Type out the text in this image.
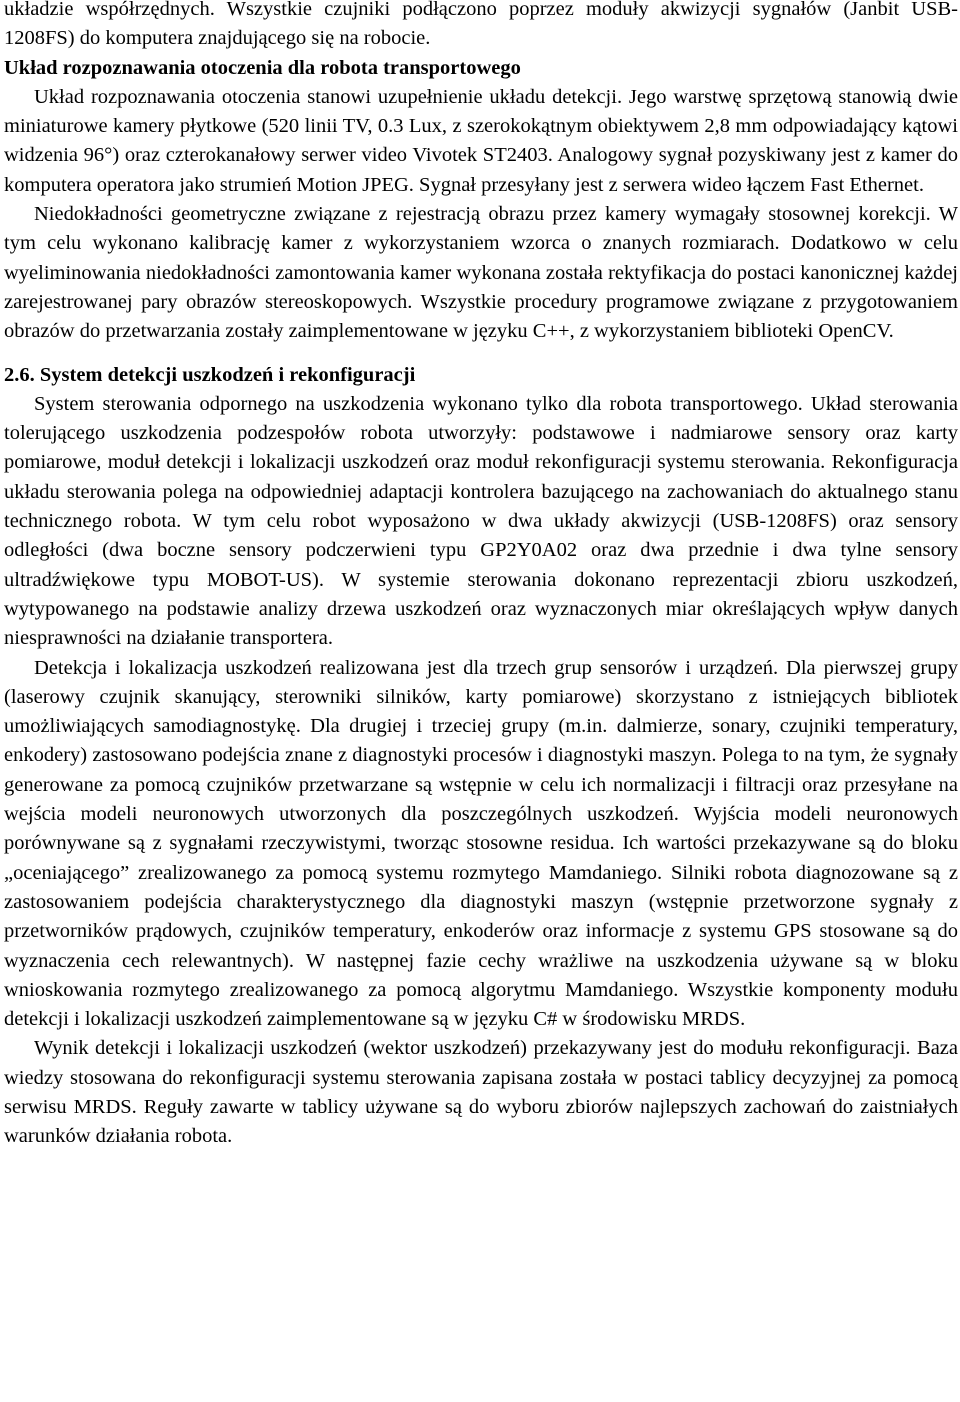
układzie współrzędnych. Wszystkie czujniki podłączono poprzez moduły akwizycji sygnałów (Janbit USB-1208FS) do komputera znajdującego się na robocie.

Układ rozpoznawania otoczenia dla robota transportowego

Układ rozpoznawania otoczenia stanowi uzupełnienie układu detekcji. Jego warstwę sprzętową stanowią dwie miniaturowe kamery płytkowe (520 linii TV, 0.3 Lux, z szerokokątnym obiektywem 2,8 mm odpowiadający kątowi widzenia 96°) oraz czterokanałowy serwer video Vivotek ST2403. Analogowy sygnał pozyskiwany jest z kamer do komputera operatora jako strumień Motion JPEG. Sygnał przesyłany jest z serwera wideo łączem Fast Ethernet.

Niedokładności geometryczne związane z rejestracją obrazu przez kamery wymagały stosownej korekcji. W tym celu wykonano kalibrację kamer z wykorzystaniem wzorca o znanych rozmiarach. Dodatkowo w celu wyeliminowania niedokładności zamontowania kamer wykonana została rektyfikacja do postaci kanonicznej każdej zarejestrowanej pary obrazów stereoskopowych. Wszystkie procedury programowe związane z przygotowaniem obrazów do przetwarzania zostały zaimplementowane w języku C++, z wykorzystaniem biblioteki OpenCV.

2.6. System detekcji uszkodzeń i rekonfiguracji

System sterowania odpornego na uszkodzenia wykonano tylko dla robota transportowego. Układ sterowania tolerującego uszkodzenia podzespołów robota utworzyły: podstawowe i nadmiarowe sensory oraz karty pomiarowe, moduł detekcji i lokalizacji uszkodzeń oraz moduł rekonfiguracji systemu sterowania. Rekonfiguracja układu sterowania polega na odpowiedniej adaptacji kontrolera bazującego na zachowaniach do aktualnego stanu technicznego robota. W tym celu robot wyposażono w dwa układy akwizycji (USB-1208FS) oraz sensory odległości (dwa boczne sensory podczerwieni typu GP2Y0A02 oraz dwa przednie i dwa tylne sensory ultradźwiękowe typu MOBOT-US). W systemie sterowania dokonano reprezentacji zbioru uszkodzeń, wytypowanego na podstawie analizy drzewa uszkodzeń oraz wyznaczonych miar określających wpływ danych niesprawności na działanie transportera.

Detekcja i lokalizacja uszkodzeń realizowana jest dla trzech grup sensorów i urządzeń. Dla pierwszej grupy (laserowy czujnik skanujący, sterowniki silników, karty pomiarowe) skorzystano z istniejących bibliotek umożliwiających samodiagnostykę. Dla drugiej i trzeciej grupy (m.in. dalmierze, sonary, czujniki temperatury, enkodery) zastosowano podejścia znane z diagnostyki procesów i diagnostyki maszyn. Polega to na tym, że sygnały generowane za pomocą czujników przetwarzane są wstępnie w celu ich normalizacji i filtracji oraz przesyłane na wejścia modeli neuronowych utworzonych dla poszczególnych uszkodzeń. Wyjścia modeli neuronowych porównywane są z sygnałami rzeczywistymi, tworząc stosowne residua. Ich wartości przekazywane są do bloku „oceniającego” zrealizowanego za pomocą systemu rozmytego Mamdaniego. Silniki robota diagnozowane są z zastosowaniem podejścia charakterystycznego dla diagnostyki maszyn (wstępnie przetworzone sygnały z przetworników prądowych, czujników temperatury, enkoderów oraz informacje z systemu GPS stosowane są do wyznaczenia cech relewantnych). W następnej fazie cechy wrażliwe na uszkodzenia używane są w bloku wnioskowania rozmytego zrealizowanego za pomocą algorytmu Mamdaniego. Wszystkie komponenty modułu detekcji i lokalizacji uszkodzeń zaimplementowane są w języku C# w środowisku MRDS.

Wynik detekcji i lokalizacji uszkodzeń (wektor uszkodzeń) przekazywany jest do modułu rekonfiguracji. Baza wiedzy stosowana do rekonfiguracji systemu sterowania zapisana została w postaci tablicy decyzyjnej za pomocą serwisu MRDS. Reguły zawarte w tablicy używane są do wyboru zbiorów najlepszych zachowań do zaistniałych warunków działania robota.
